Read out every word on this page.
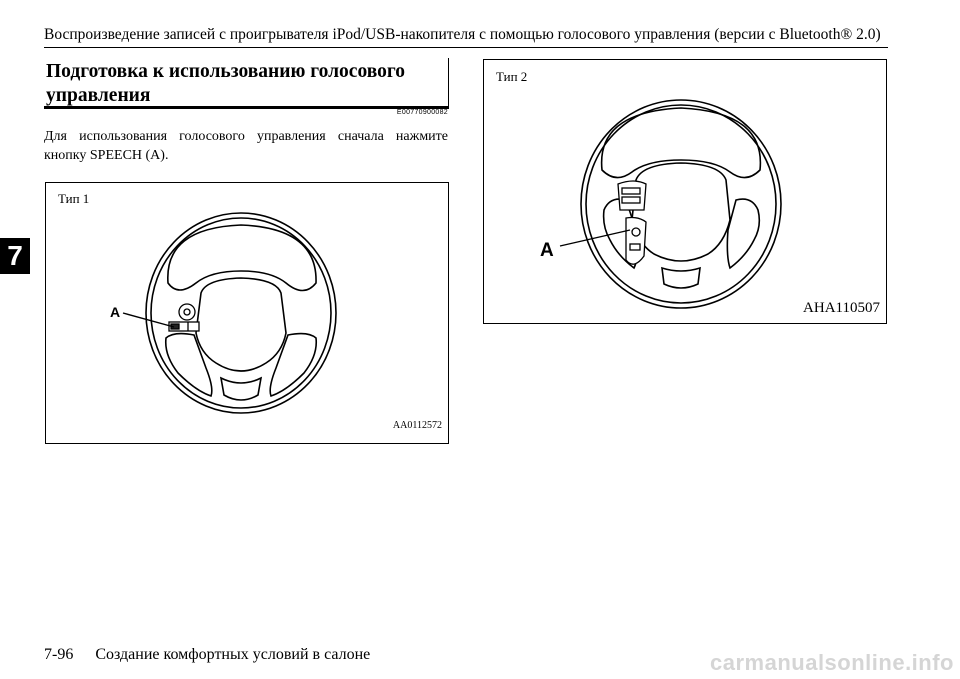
Воспроизведение записей с проигрывателя iPod/USB-накопителя с помощью голосового управления (версии с Bluetooth® 2.0)
7
Подготовка к использованию голосового управления
E00770900082
Для использования голосового управления сначала нажмите кнопку SPEECH (A).
Тип 1
A
AA0112572
Тип 2
A
AHA110507
7-96 Создание комфортных условий в салоне	carmanualsonline.info
